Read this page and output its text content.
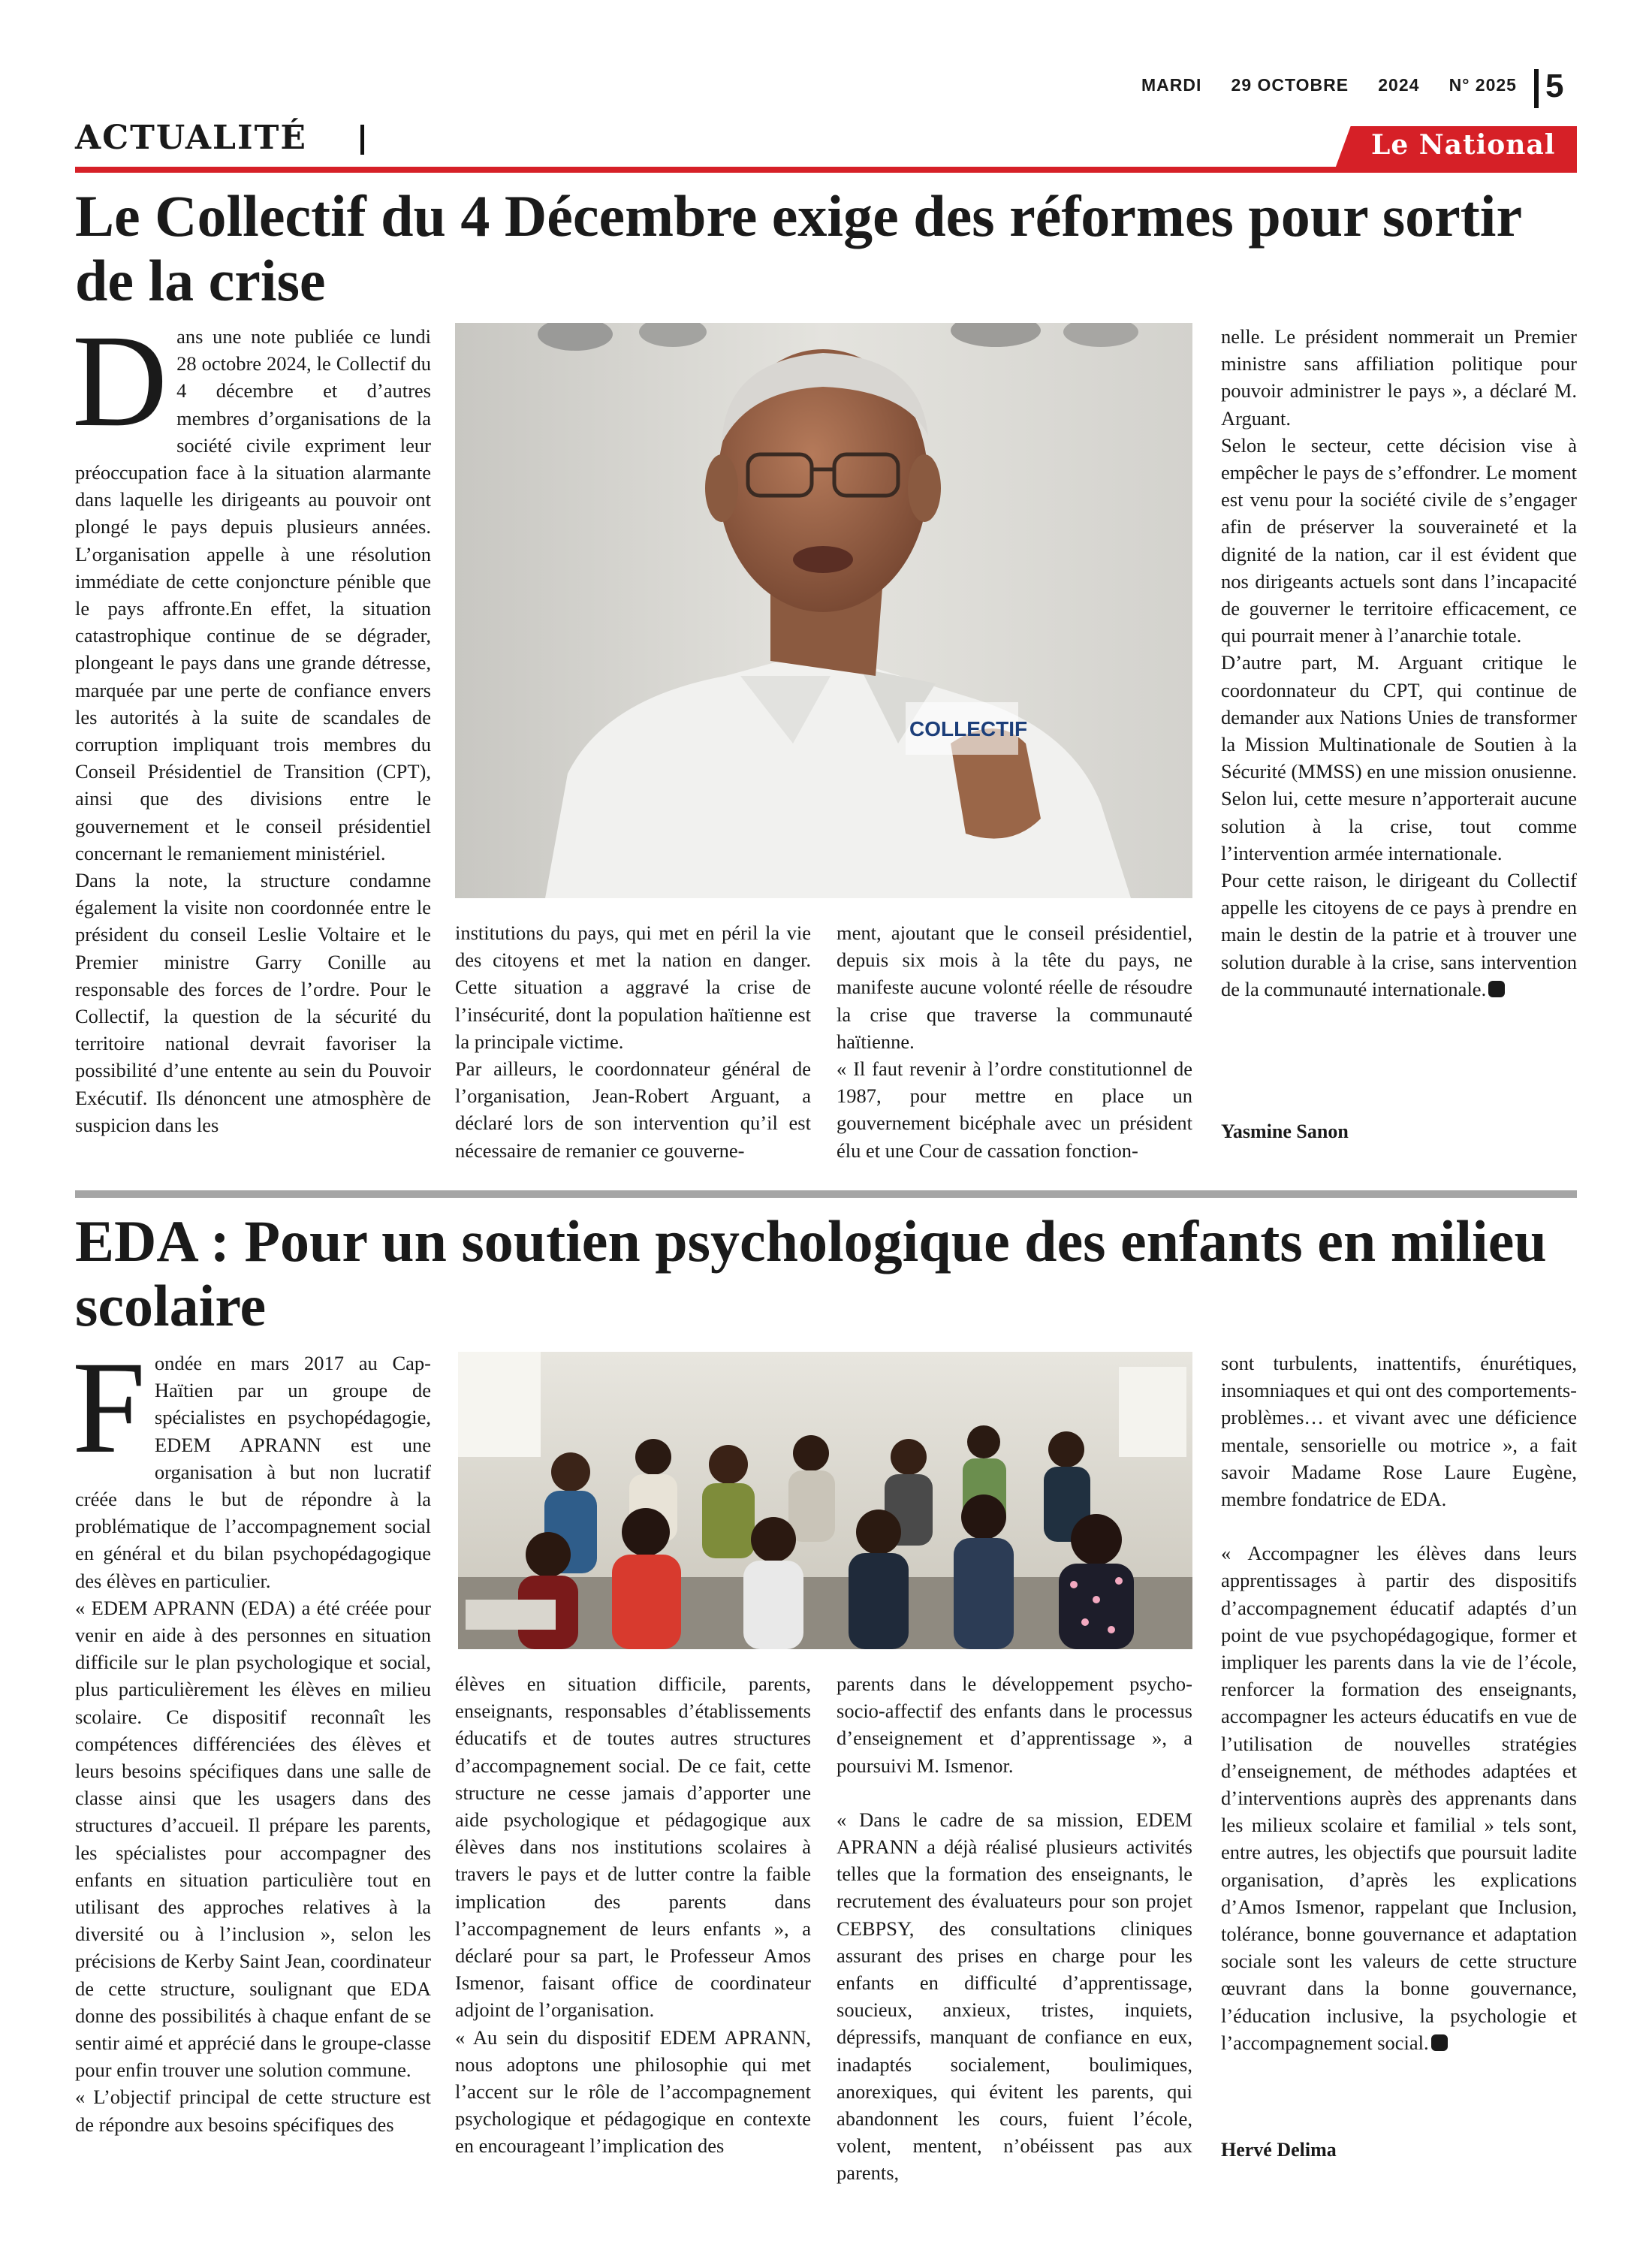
MARDI 29 OCTOBRE 2024 N° 2025 5
ACTUALITÉ	Le National
Le Collectif du 4 Décembre exige des réformes pour sortir de la crise

Dans une note publiée ce lundi 28 octobre 2024, le Collectif du 4 décembre et d’autres membres d’organisations de la société civile expriment leur préoccupation face à la situation alarmante dans laquelle les dirigeants au pouvoir ont plongé le pays depuis plusieurs années. L’organisation appelle à une résolution immédiate de cette conjoncture pénible que le pays affronte.En effet, la situation catastrophique continue de se dégrader, plongeant le pays dans une grande détresse, marquée par une perte de confiance envers les autorités à la suite de scandales de corruption impliquant trois membres du Conseil Présidentiel de Transition (CPT), ainsi que des divisions entre le gouvernement et le conseil présidentiel concernant le remaniement ministériel.

Dans la note, la structure condamne également la visite non coordonnée entre le président du conseil Leslie Voltaire et le Premier ministre Garry Conille au responsable des forces de l’ordre. Pour le Collectif, la question de la sécurité du territoire national devrait favoriser la possibilité d’une entente au sein du Pouvoir Exécutif. Ils dénoncent une atmosphère de suspicion dans les

COLLECTIF

institutions du pays, qui met en péril la vie des citoyens et met la nation en danger. Cette situation a aggravé la crise de l’insécurité, dont la population haïtienne est la principale victime.

Par ailleurs, le coordonnateur général de l’organisation, Jean-Robert Arguant, a déclaré lors de son intervention qu’il est nécessaire de remanier ce gouverne-

ment, ajoutant que le conseil présidentiel, depuis six mois à la tête du pays, ne manifeste aucune volonté réelle de résoudre la crise que traverse la communauté haïtienne.

« Il faut revenir à l’ordre constitutionnel de 1987, pour mettre en place un gouvernement bicéphale avec un président élu et une Cour de cassation fonction-

nelle. Le président nommerait un Premier ministre sans affiliation politique pour pouvoir administrer le pays », a déclaré M. Arguant.

Selon le secteur, cette décision vise à empêcher le pays de s’effondrer. Le moment est venu pour la société civile de s’engager afin de préserver la souveraineté et la dignité de la nation, car il est évident que nos dirigeants actuels sont dans l’incapacité de gouverner le territoire efficacement, ce qui pourrait mener à l’anarchie totale.

D’autre part, M. Arguant critique le coordonnateur du CPT, qui continue de demander aux Nations Unies de transformer la Mission Multinationale de Soutien à la Sécurité (MMSS) en une mission onusienne. Selon lui, cette mesure n’apporterait aucune solution à la crise, tout comme l’intervention armée internationale.

Pour cette raison, le dirigeant du Collectif appelle les citoyens de ce pays à prendre en main le destin de la patrie et à trouver une solution durable à la crise, sans intervention de la communauté internationale.

Yasmine Sanon
EDA : Pour un soutien psychologique des enfants en milieu scolaire

Fondée en mars 2017 au Cap-Haïtien par un groupe de spécialistes en psychopédagogie, EDEM APRANN est une organisation à but non lucratif créée dans le but de répondre à la problématique de l’accompagnement social en général et du bilan psychopédagogique des élèves en particulier.

« EDEM APRANN (EDA) a été créée pour venir en aide à des personnes en situation difficile sur le plan psychologique et social, plus particulièrement les élèves en milieu scolaire. Ce dispositif reconnaît les compétences différenciées des élèves et leurs besoins spécifiques dans une salle de classe ainsi que les usagers dans des structures d’accueil. Il prépare les parents, les spécialistes pour accompagner des enfants en situation particulière tout en utilisant des approches relatives à la diversité ou à l’inclusion », selon les précisions de Kerby Saint Jean, coordinateur de cette structure, soulignant que EDA donne des possibilités à chaque enfant de se sentir aimé et apprécié dans le groupe-classe pour enfin trouver une solution commune.

« L’objectif principal de cette structure est de répondre aux besoins spécifiques des

élèves en situation difficile, parents, enseignants, responsables d’établissements éducatifs et de toutes autres structures d’accompagnement social. De ce fait, cette structure ne cesse jamais d’apporter une aide psychologique et pédagogique aux élèves dans nos institutions scolaires à travers le pays et de lutter contre la faible implication des parents dans l’accompagnement de leurs enfants », a déclaré pour sa part, le Professeur Amos Ismenor, faisant office de coordinateur adjoint de l’organisation.

« Au sein du dispositif EDEM APRANN, nous adoptons une philosophie qui met l’accent sur le rôle de l’accompagnement psychologique et pédagogique en contexte en encourageant l’implication des

parents dans le développement psycho-socio-affectif des enfants dans le processus d’enseignement et d’apprentissage », a poursuivi M. Ismenor.

« Dans le cadre de sa mission, EDEM APRANN a déjà réalisé plusieurs activités telles que la formation des enseignants, le recrutement des évaluateurs pour son projet CEBPSY, des consultations cliniques assurant des prises en charge pour les enfants en difficulté d’apprentissage, soucieux, anxieux, tristes, inquiets, dépressifs, manquant de confiance en eux, inadaptés socialement, boulimiques, anorexiques, qui évitent les parents, qui abandonnent les cours, fuient l’école, volent, mentent, n’obéissent pas aux parents,

sont turbulents, inattentifs, énurétiques, insomniaques et qui ont des comportements-problèmes… et vivant avec une déficience mentale, sensorielle ou motrice », a fait savoir Madame Rose Laure Eugène, membre fondatrice de EDA.

« Accompagner les élèves dans leurs apprentissages à partir des dispositifs d’accompagnement éducatif adaptés d’un point de vue psychopédagogique, former et impliquer les parents dans la vie de l’école, renforcer la formation des enseignants, accompagner les acteurs éducatifs en vue de l’utilisation de nouvelles stratégies d’enseignement, de méthodes adaptées et d’interventions auprès des apprenants dans les milieux scolaire et familial » tels sont, entre autres, les objectifs que poursuit ladite organisation, d’après les explications d’Amos Ismenor, rappelant que Inclusion, tolérance, bonne gouvernance et adaptation sociale sont les valeurs de cette structure œuvrant dans la bonne gouvernance, l’éducation inclusive, la psychologie et l’accompagnement social.

Hervé Delima
